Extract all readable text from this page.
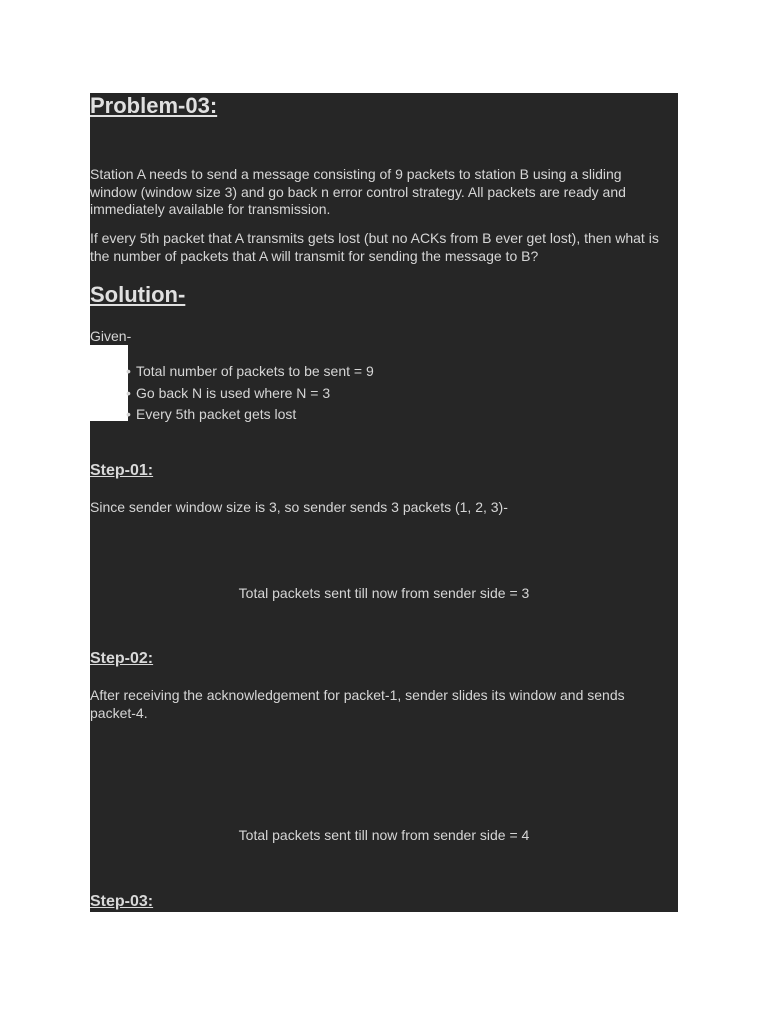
Problem-03:

Station A needs to send a message consisting of 9 packets to station B using a sliding window (window size 3) and go back n error control strategy. All packets are ready and immediately available for transmission.

If every 5th packet that A transmits gets lost (but no ACKs from B ever get lost), then what is the number of packets that A will transmit for sending the message to B?

Solution-

Given-

• Total number of packets to be sent = 9
• Go back N is used where N = 3
• Every 5th packet gets lost
Step-01:

Since sender window size is 3, so sender sends 3 packets (1, 2, 3)-

Total packets sent till now from sender side = 3

Step-02:

After receiving the acknowledgement for packet-1, sender slides its window and sends packet-4.

Total packets sent till now from sender side = 4

Step-03:
